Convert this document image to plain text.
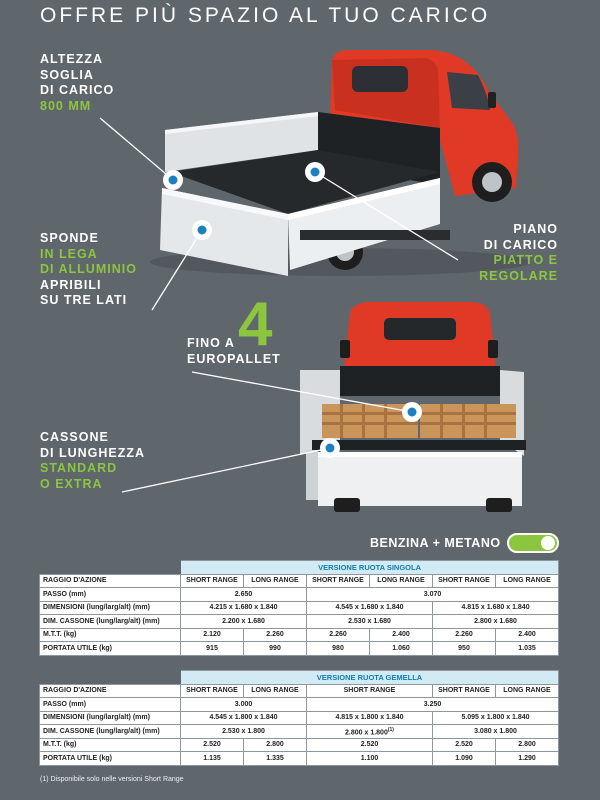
OFFRE PIÙ SPAZIO AL TUO CARICO
ALTEZZA
SOGLIA
DI CARICO
800 MM
SPONDE
IN LEGA
DI ALLUMINIO
APRIBILI
SU TRE LATI
PIANO
DI CARICO
PIATTO E
REGOLARE
FINO A
EUROPALLET
4
CASSONE
DI LUNGHEZZA
STANDARD
O EXTRA
BENZINA + METANO
	VERSIONE RUOTA SINGOLA					
RAGGIO D'AZIONE	SHORT RANGE	LONG RANGE	SHORT RANGE	LONG RANGE	SHORT RANGE	LONG RANGE
PASSO (mm)	2.650		3.070			
DIMENSIONI (lung/larg/alt) (mm)	4.215 x 1.680 x 1.840		4.545 x 1.680 x 1.840		4.815 x 1.680 x 1.840	
DIM. CASSONE (lung/larg/alt) (mm)	2.200 x 1.680		2.530 x 1.680		2.800 x 1.680	
M.T.T. (kg)	2.120	2.260	2.260	2.400	2.260	2.400
PORTATA UTILE (kg)	915	990	980	1.060	950	1.035
	VERSIONE RUOTA GEMELLA				
RAGGIO D'AZIONE	SHORT RANGE	LONG RANGE	SHORT RANGE	SHORT RANGE	LONG RANGE
PASSO (mm)	3.000		3.250		
DIMENSIONI (lung/larg/alt) (mm)	4.545 x 1.800 x 1.840		4.815 x 1.800 x 1.840	5.095 x 1.800 x 1.840	
DIM. CASSONE (lung/larg/alt) (mm)	2.530 x 1.800		2.800 x 1.800$^{(1)}$	3.080 x 1.800	
M.T.T. (kg)	2.520	2.800	2.520	2.520	2.800
PORTATA UTILE (kg)	1.135	1.335	1.100	1.090	1.290
(1) Disponibile solo nelle versioni Short Range
